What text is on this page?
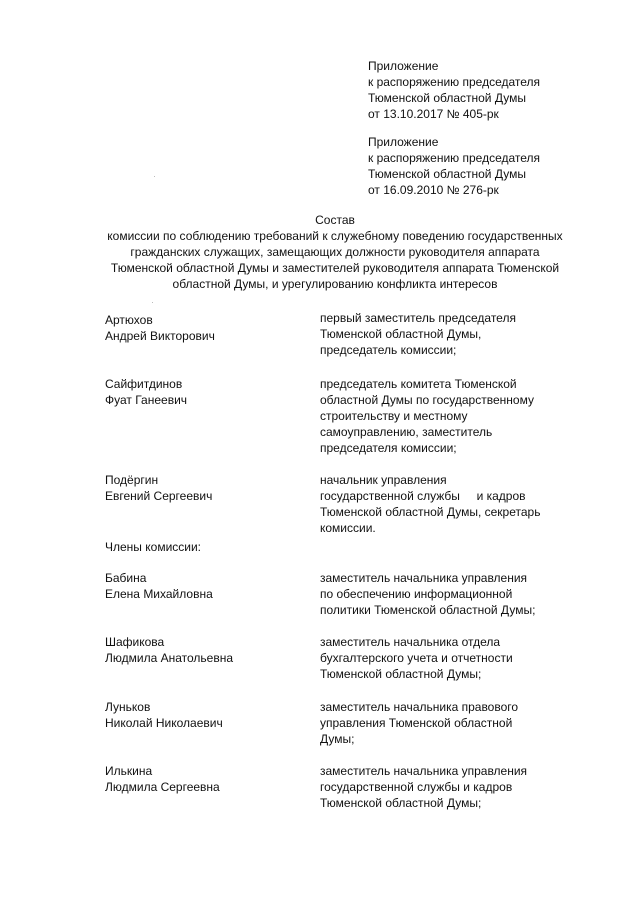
Приложение
к распоряжению председателя
Тюменской областной Думы
от 13.10.2017 № 405-рк
Приложение
к распоряжению председателя
Тюменской областной Думы
от 16.09.2010 № 276-рк
Состав
комиссии по соблюдению требований к служебному поведению государственных
гражданских служащих, замещающих должности руководителя аппарата
Тюменской областной Думы и заместителей руководителя аппарата Тюменской
областной Думы, и урегулированию конфликта интересов
Артюхов
Андрей Викторович
первый заместитель председателя
Тюменской областной Думы,
председатель комиссии;
Сайфитдинов
Фуат Ганеевич
председатель комитета Тюменской
областной Думы по государственному
строительству и местному
самоуправлению, заместитель
председателя комиссии;
Подёргин
Евгений Сергеевич
начальник управления
государственной службы     и кадров
Тюменской областной Думы, секретарь
комиссии.
Члены комиссии:
Бабина
Елена Михайловна
заместитель начальника управления
по обеспечению информационной
политики Тюменской областной Думы;
Шафикова
Людмила Анатольевна
заместитель начальника отдела
бухгалтерского учета и отчетности
Тюменской областной Думы;
Луньков
Николай Николаевич
заместитель начальника правового
управления Тюменской областной
Думы;
Илькина
Людмила Сергеевна
заместитель начальника управления
государственной службы и кадров
Тюменской областной Думы;
